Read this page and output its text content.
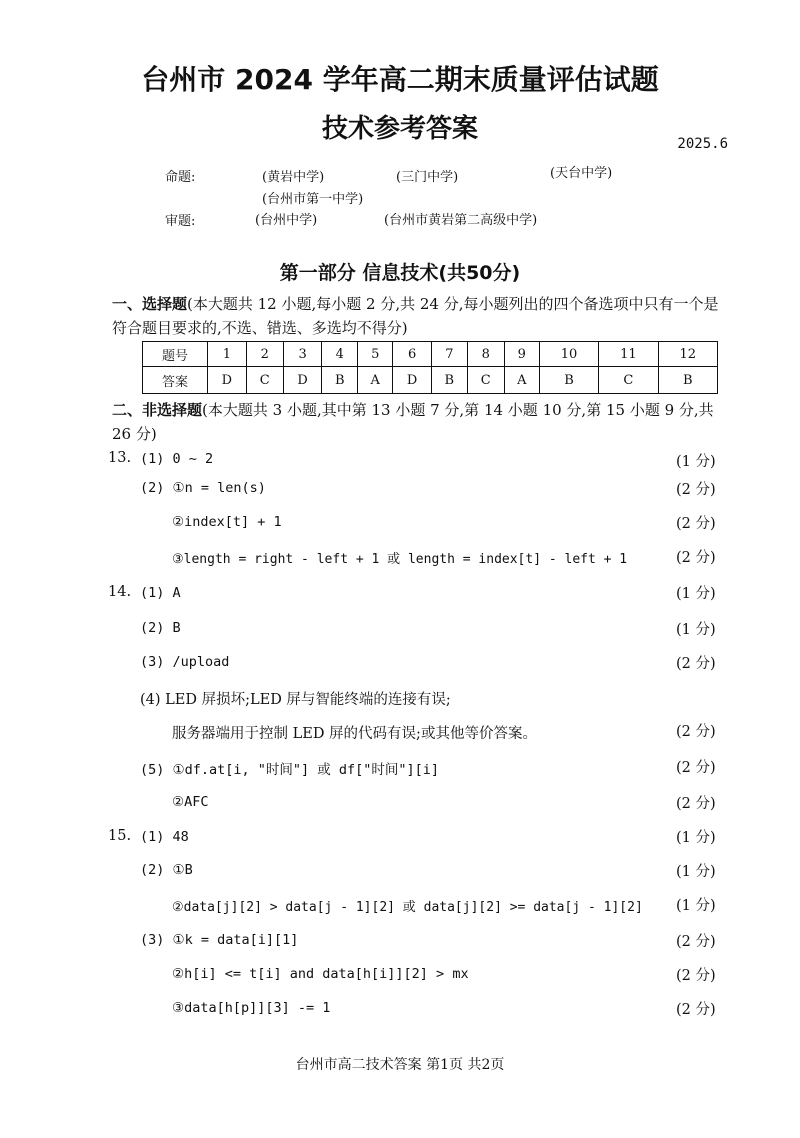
台州市 2024 学年高二期末质量评估试题
技术参考答案	2025.6
命题:	(黄岩中学)	(三门中学)	(天台中学)
(台州市第一中学)
审题:	(台州中学)	(台州市黄岩第二高级中学)
第一部分 信息技术(共50分)
一、选择题(本大题共 12 小题,每小题 2 分,共 24 分,每小题列出的四个备选项中只有一个是符合题目要求的,不选、错选、多选均不得分)
题号	1	2	3	4	5	6	7	8	9	10	11	12
答案	D	C	D	B	A	D	B	C	A	B	C	B
二、非选择题(本大题共 3 小题,其中第 13 小题 7 分,第 14 小题 10 分,第 15 小题 9 分,共 26 分)
13. (1) 0 ~ 2	(1 分)
(2) ①n = len(s)	(2 分)
②index[t] + 1	(2 分)
③length = right - left + 1 或 length = index[t] - left + 1	(2 分)
14. (1) A	(1 分)
(2) B	(1 分)
(3) /upload	(2 分)
(4) LED 屏损坏;LED 屏与智能终端的连接有误;
服务器端用于控制 LED 屏的代码有误;或其他等价答案。	(2 分)
(5) ①df.at[i, "时间"] 或 df["时间"][i]	(2 分)
②AFC	(2 分)
15. (1) 48	(1 分)
(2) ①B	(1 分)
②data[j][2] > data[j - 1][2] 或 data[j][2] >= data[j - 1][2] (1 分)
(3) ①k = data[i][1]	(2 分)
②h[i] <= t[i] and data[h[i]][2] > mx	(2 分)
③data[h[p]][3] -= 1	(2 分)
台州市高二技术答案 第1页 共2页
